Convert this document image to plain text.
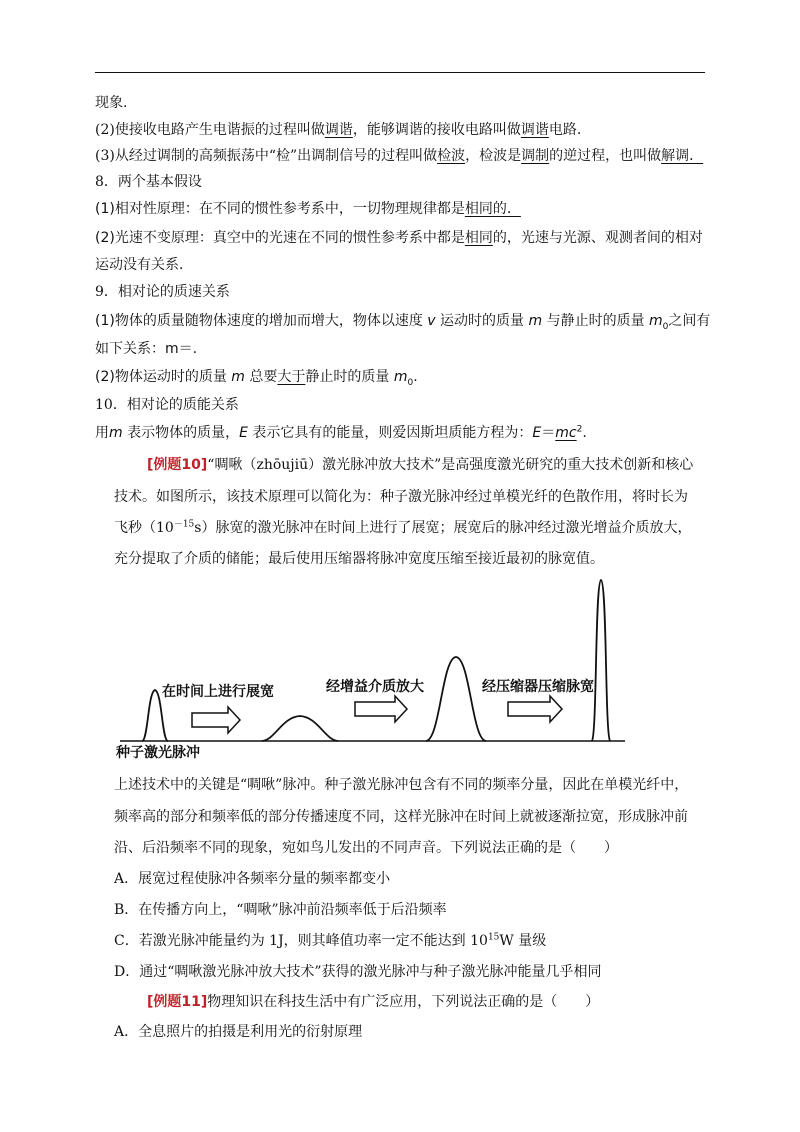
现象.
(2)使接收电路产生电谐振的过程叫做调谐，能够调谐的接收电路叫做调谐电路.
(3)从经过调制的高频振荡中“检”出调制信号的过程叫做检波，检波是调制的逆过程，也叫做解调．
8．两个基本假设
(1)相对性原理：在不同的惯性参考系中，一切物理规律都是相同的．
(2)光速不变原理：真空中的光速在不同的惯性参考系中都是相同的，光速与光源、观测者间的相对
运动没有关系．
9．相对论的质速关系
(1)物体的质量随物体速度的增加而增大，物体以速度 v 运动时的质量 m 与静止时的质量 $m_0$之间有
如下关系：m＝.
(2)物体运动时的质量 m 总要大于静止时的质量 $m_0$.
10．相对论的质能关系
用m 表示物体的质量，E 表示它具有的能量，则爱因斯坦质能方程为：$E=mc^2$.
[例题10]“啁啾（zhōujiū）激光脉冲放大技术”是高强度激光研究的重大技术创新和核心
技术。如图所示，该技术原理可以简化为：种子激光脉冲经过单模光纤的色散作用，将时长为
飞秒$(10^{-15}s)$脉宽的激光脉冲在时间上进行了展宽；展宽后的脉冲经过激光增益介质放大，
充分提取了介质的储能；最后使用压缩器将脉冲宽度压缩至接近最初的脉宽值。
在时间上进行展宽	经增益介质放大	经压缩器压缩脉宽
种子激光脉冲
上述技术中的关键是“啁啾”脉冲。种子激光脉冲包含有不同的频率分量，因此在单模光纤中，
频率高的部分和频率低的部分传播速度不同，这样光脉冲在时间上就被逐渐拉宽，形成脉冲前
沿、后沿频率不同的现象，宛如鸟儿发出的不同声音。下列说法正确的是（　　）
A．展宽过程使脉冲各频率分量的频率都变小
B．在传播方向上，“啁啾”脉冲前沿频率低于后沿频率
C．若激光脉冲能量约为 1J，则其峰值功率一定不能达到 $10^{15}W$ 量级
D．通过“啁啾激光脉冲放大技术”获得的激光脉冲与种子激光脉冲能量几乎相同
[例题11]物理知识在科技生活中有广泛应用，下列说法正确的是（　　）
A．全息照片的拍摄是利用光的衍射原理
